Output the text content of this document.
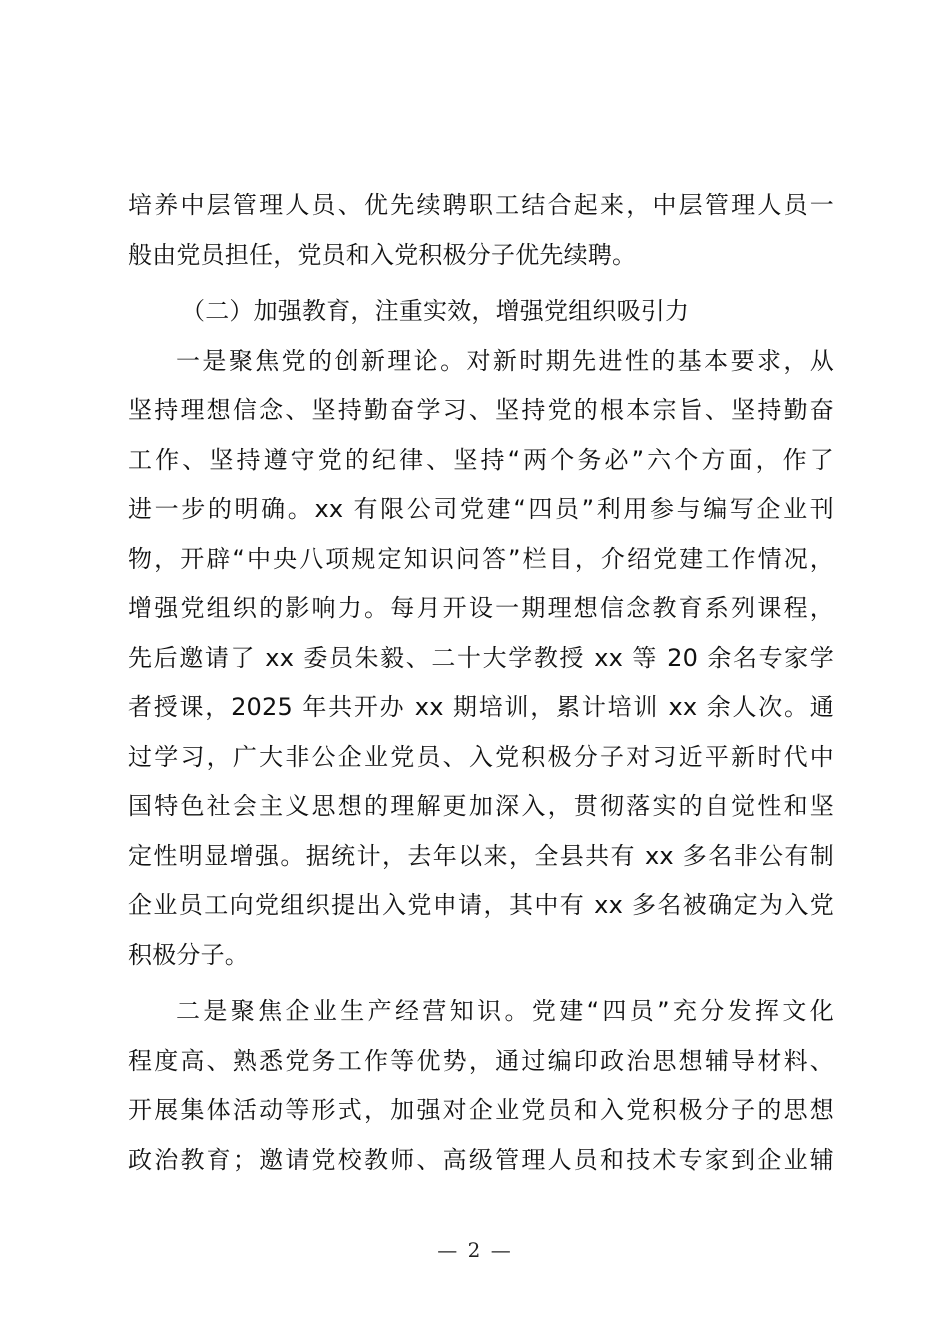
培养中层管理人员、优先续聘职工结合起来，中层管理人员一
般由党员担任，党员和入党积极分子优先续聘。
（二）加强教育，注重实效，增强党组织吸引力
一是聚焦党的创新理论。对新时期先进性的基本要求，从
坚持理想信念、坚持勤奋学习、坚持党的根本宗旨、坚持勤奋
工作、坚持遵守党的纪律、坚持“两个务必”六个方面，作了
进一步的明确。xx 有限公司党建“四员”利用参与编写企业刊
物，开辟“中央八项规定知识问答”栏目，介绍党建工作情况，
增强党组织的影响力。每月开设一期理想信念教育系列课程，
先后邀请了 xx 委员朱毅、二十大学教授 xx 等 20 余名专家学
者授课，2025 年共开办 xx 期培训，累计培训 xx 余人次。通
过学习，广大非公企业党员、入党积极分子对习近平新时代中
国特色社会主义思想的理解更加深入，贯彻落实的自觉性和坚
定性明显增强。据统计，去年以来，全县共有 xx 多名非公有制
企业员工向党组织提出入党申请，其中有 xx 多名被确定为入党
积极分子。
二是聚焦企业生产经营知识。党建“四员”充分发挥文化
程度高、熟悉党务工作等优势，通过编印政治思想辅导材料、
开展集体活动等形式，加强对企业党员和入党积极分子的思想
政治教育；邀请党校教师、高级管理人员和技术专家到企业辅
— 2 —
